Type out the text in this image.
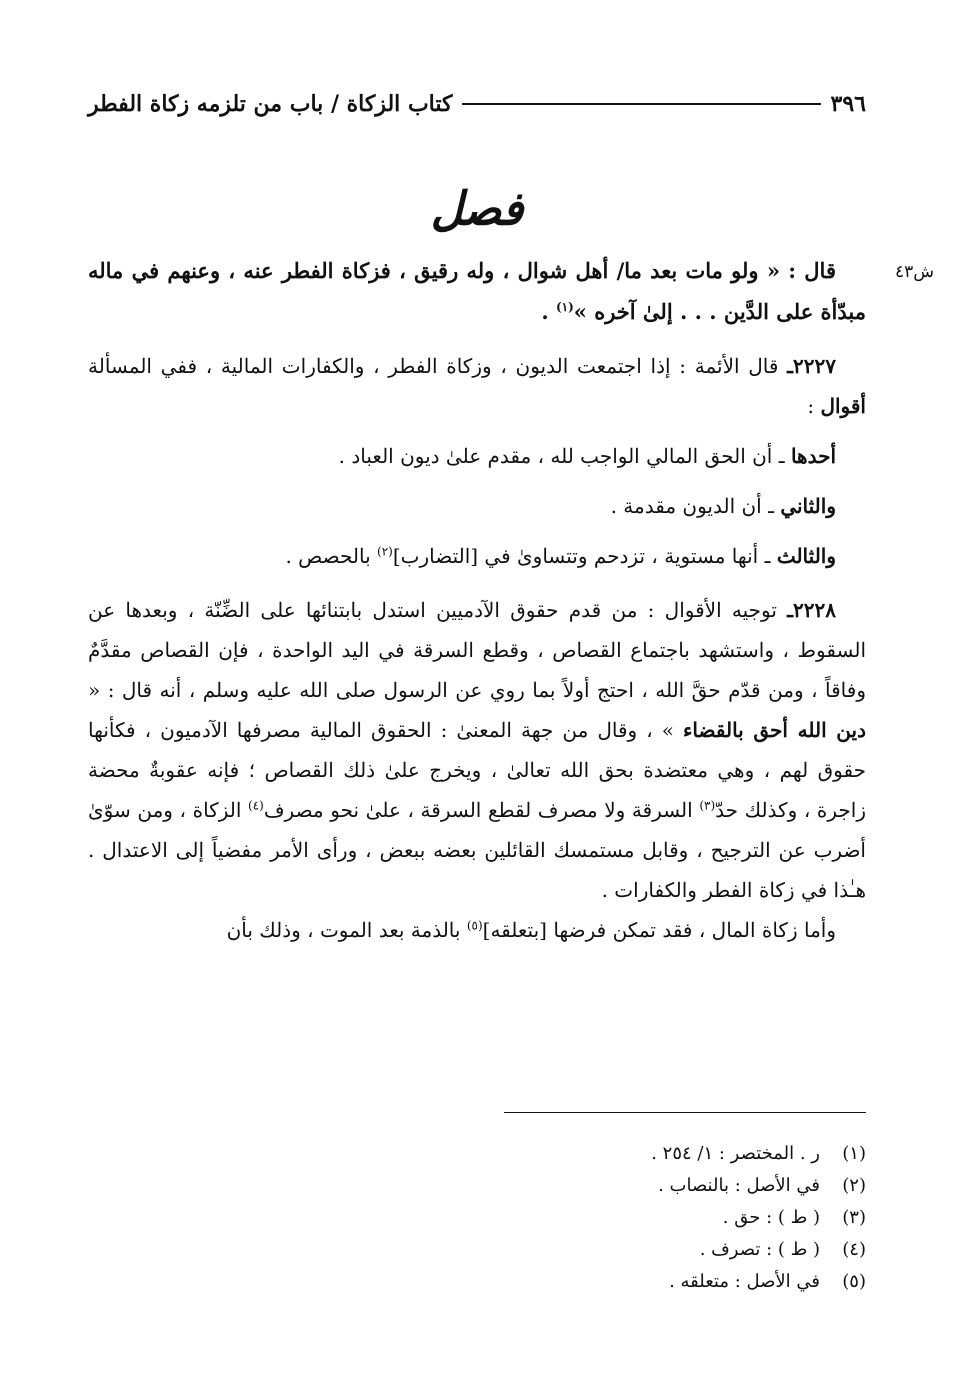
٣٩٦
كتاب الزكاة / باب من تلزمه زكاة الفطر
فصل
ش٤٣

قال : « ولو مات بعد ما/ أهل شوال ، وله رقيق ، فزكاة الفطر عنه ، وعنهم في ماله مبدّأة على الدَّين . . . إلىٰ آخره »$^{(١)}$ .

٢٢٢٧ـ قال الأئمة : إذا اجتمعت الديون ، وزكاة الفطر ، والكفارات المالية ، ففي المسألة أقوال :

أحدها ـ أن الحق المالي الواجب لله ، مقدم علىٰ ديون العباد .

والثاني ـ أن الديون مقدمة .

والثالث ـ أنها مستوية ، تزدحم وتتساوىٰ في [التضارب]$^{(٢)}$ بالحصص .

٢٢٢٨ـ توجيه الأقوال : من قدم حقوق الآدميين استدل بابتنائها على الضِّنّة ، وبعدها عن السقوط ، واستشهد باجتماع القصاص ، وقطع السرقة في اليد الواحدة ، فإن القصاص مقدَّمٌ وفاقاً ، ومن قدّم حقَّ الله ، احتج أولاً بما روي عن الرسول صلى الله عليه وسلم ، أنه قال : « دين الله أحق بالقضاء » ، وقال من جهة المعنىٰ : الحقوق المالية مصرفها الآدميون ، فكأنها حقوق لهم ، وهي معتضدة بحق الله تعالىٰ ، ويخرج علىٰ ذلك القصاص ؛ فإنه عقوبةٌ محضة زاجرة ، وكذلك حدّ$^{(٣)}$ السرقة ولا مصرف لقطع السرقة ، علىٰ نحو مصرف$^{(٤)}$ الزكاة ، ومن سوّىٰ أضرب عن الترجيح ، وقابل مستمسك القائلين بعضه ببعض ، ورأى الأمر مفضياً إلى الاعتدال . هـٰذا في زكاة الفطر والكفارات .

وأما زكاة المال ، فقد تمكن فرضها [بتعلقه]$^{(٥)}$ بالذمة بعد الموت ، وذلك بأن

(١)
ر . المختصر : ١/ ٢٥٤ .
(٢)
في الأصل : بالنصاب .
(٣)
( ط ) : حق .
(٤)
( ط ) : تصرف .
(٥)
في الأصل : متعلقه .
